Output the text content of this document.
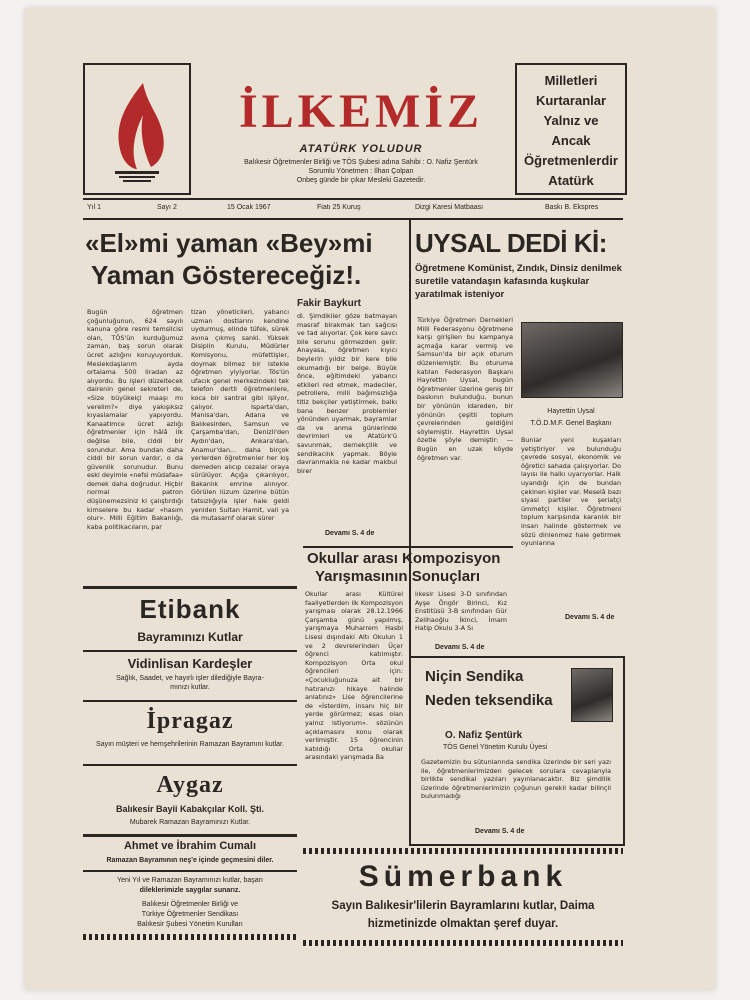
İLKEMİZ
ATATÜRK YOLUDUR
Balıkesir Öğretmenler Birliği ve TÖS Şubesi adına Sahibi : O. Nafiz Şentürk
Sorumlu Yönetmen : İlhan Çolpan
Onbeş günde bir çıkar Mesleki Gazetedir.
Milletleri
Kurtaranlar
Yalnız ve
Ancak
Öğretmenlerdir
Atatürk
Yıl 1	Sayı 2	15 Ocak 1967	Fiatı 25 Kuruş	Dizgi Karesi Matbaası	Baskı B. Ekspres
«El»mi yaman «Bey»mi
Yaman Göstereceğiz!.
Fakir Baykurt
Bugün öğretmen çoğunluğunun, 624 sayılı kanuna göre resmi temsilcisi olan, TÖS'ün kurduğumuz zaman, baş sorun olarak ücret azlığını koruyuyorduk. Meslekdaşlarım ayda ortalama 500 liradan az alıyordu. Bu işleri düzeltecek dairenin genel sekreteri de, «Size büyükelçi maaşı mı verelim?» diye yakışıksız kıyaslamalar yapıyordu. Kanaatimce ücret azlığı öğretmenler için hâlâ ilk değilse bile, ciddi bir sorundur. Ama bundan daha ciddi bir sorun vardır, o da güvenlik sorunudur. Bunu eski deyimle «nefsi müdafaa» demek daha doğrudur. Hiçbir normal patron düşünemezsiniz ki çalıştırdığı kimselere bu kadar «hasım olur». Milli Eğitim Bakanlığı, kaba politikacıların, par
tizan yöneticileri, yabancı uzman dostlarını kendine uydurmuş, elinde tüfek, sürek avına çıkmış sanki. Yüksek Disiplin Kurulu, Müdürler Komisyonu, müfettişler, doymak bilmez bir istekle öğretmen yiyiyorlar. Tös'ün ufacık genel merkezindeki tek telefon dertli öğretmenlere, koca bir santral gibi işliyor, çalıyor. Isparta'dan, Manisa'dan, Adana ve Balıkesirden, Samsun ve Çarşamba'dan, Denizli'den Aydın'dan, Ankara'dan, Anamur'dan... daha birçok yerlerden öğretmenler her kış demeden alıcıp cezalar oraya sürülüyor. Açığa çıkarılıyor, Bakanlık emrine alınıyor. Görülen lüzum üzerine bütün tatsızlığıyla işler hale geldi yeniden Sultan Hamit, vali ya da mutasarrıf olarak sürer
di. Şimdikiler göze batmayan masraf birakmak tan sağcısı ve tad alıyorlar. Çok kere savcı bile sorunu görmezden gelir. Anayasa, öğretmen kıyıcı beylerin yıldız bir kere bile okumadığı bir belge. Büyük önce, eğitimdeki yabancı etkileri red etmek, madeciler, petrollere, milli bağımsızlığa titiz bekçiler yetiştirmek, balkı bana benzer problemler yönünden uyarmak, bayramlar da ve anma günlerinde devrimleri ve Atatürk'ü savunmak, dernekçilik ve sendikacılık yapmak. Böyle davranmakla ne kadar makbul birer
Devamı S. 4 de
UYSAL DEDİ Kİ:
Öğretmene Komünist, Zındık, Dinsiz denilmek suretile vatandaşın kafasında kuşkular yaratılmak isteniyor
Türkiye Öğretmen Dernekleri Milli Federasyonu öğretmene karşı girişilen bu kampanya açmağa karar vermiş ve Samsun'da bir açık oturum düzenlemiştir. Bu oturuma katılan Federasyon Başkanı Hayrettin Uysal, bugün öğretmenler üzerine geniş bir baskının bulunduğu, bunun bir yönünün idareden, bir yönünün çeşitli toplum çevrelerinden geldiğini söylemiştir. Hayrettin Uysal özetle şöyle demiştir: —Bugün en uzak köyde öğretmen var.
Hayrettin Uysal
T.Ö.D.M.F. Genel Başkanı
Bunlar yeni kuşakları yetiştiriyor ve bulunduğu çevrede sosyal, ekonomik ve öğretici sahada çalışıyorlar. Do layısı ile halkı uyarıyorlar. Halk uyandığı için de bundan çekinen kişiler var. Meselâ bazı siyasi partiler ve şeriatçi ümmetçi kişiler. Öğretmeni toplum karşısında karanlık bir insan halinde göstermek ve sözü dinlenmez hale getirmek oyunlarına
Devamı S. 4 de
Okullar arası Kompozisyon
Yarışmasının Sonuçları
Okullar arası Kültürel faaliyetlerden ilk Kompozisyon yarışması olarak 28.12.1966 Çarşamba günü yapılmış, yarışmaya Muharrem Hasbi Lisesi dışındaki Altı Okulun 1 ve 2 devrelerinden Üçer öğrenci katılmıştır. Kompozisyon Orta okul öğrencileri için: «Çocukluğunuza ait bir hatıranızı hikaye halinde anlatınız» Lise öğrencilerine de «İsterdim, insanı hiç bir yerde görürmez; esas olan yalnız istiyorum». sözünün açıklamasını konu olarak verilmiştir. 15 öğrencinin katıldığı Orta okullar arasındaki yarışmada Ba
lıkesir Lisesi 3-D sınıfından Ayşe Öngör Birinci, Kız Enstitüsü 3-B sınıfından Gür Zelihaoğlu İkinci, İmam Hatip Okulu 3-A Sı
Devamı S. 4 de
Niçin Sendika
Neden teksendika
O. Nafiz Şentürk
TÖS Genel Yönetim Kurulu Üyesi
Gazetemizin bu sütunlarında sendika üzerinde bir seri yazı ile, öğretmenlerimizden gelecek sorulara cevaplarıyla birlikte sendikal yazıları yayınlanacaktır. Biz şimdilik üzerinde öğretmenlerimizin çoğunun gerekli kadar bilinçli bulunmadığı
Devamı S. 4 de
Etibank
Bayramınızı Kutlar
Vidinlisan Kardeşler
Sağlık, Saadet, ve hayırlı işler dilediğiyle Bayra-
mınızı kutlar.
İpragaz
Sayın müşteri ve hemşehrilerinin Ramazan Bayramını kutlar.
Aygaz
Balıkesir Bayii Kabakçılar Koll. Şti.
Mubarek Ramazan Bayramınızı Kutlar.
Ahmet ve İbrahim Cumalı
Ramazan Bayramının neş'e içinde geçmesini diler.
Yeni Yıl ve Ramazan Bayramınızı kutlar, başarı
dileklerimizle saygılar sunarız.
Balıkesir Öğretmenler Birliği ve
Türkiye Öğretmenler Sendikası
Balıkesir Şubesi Yönetim Kurulları
Sümerbank
Sayın Balıkesir'lilerin Bayramlarını kutlar, Daima
hizmetinizde olmaktan şeref duyar.
